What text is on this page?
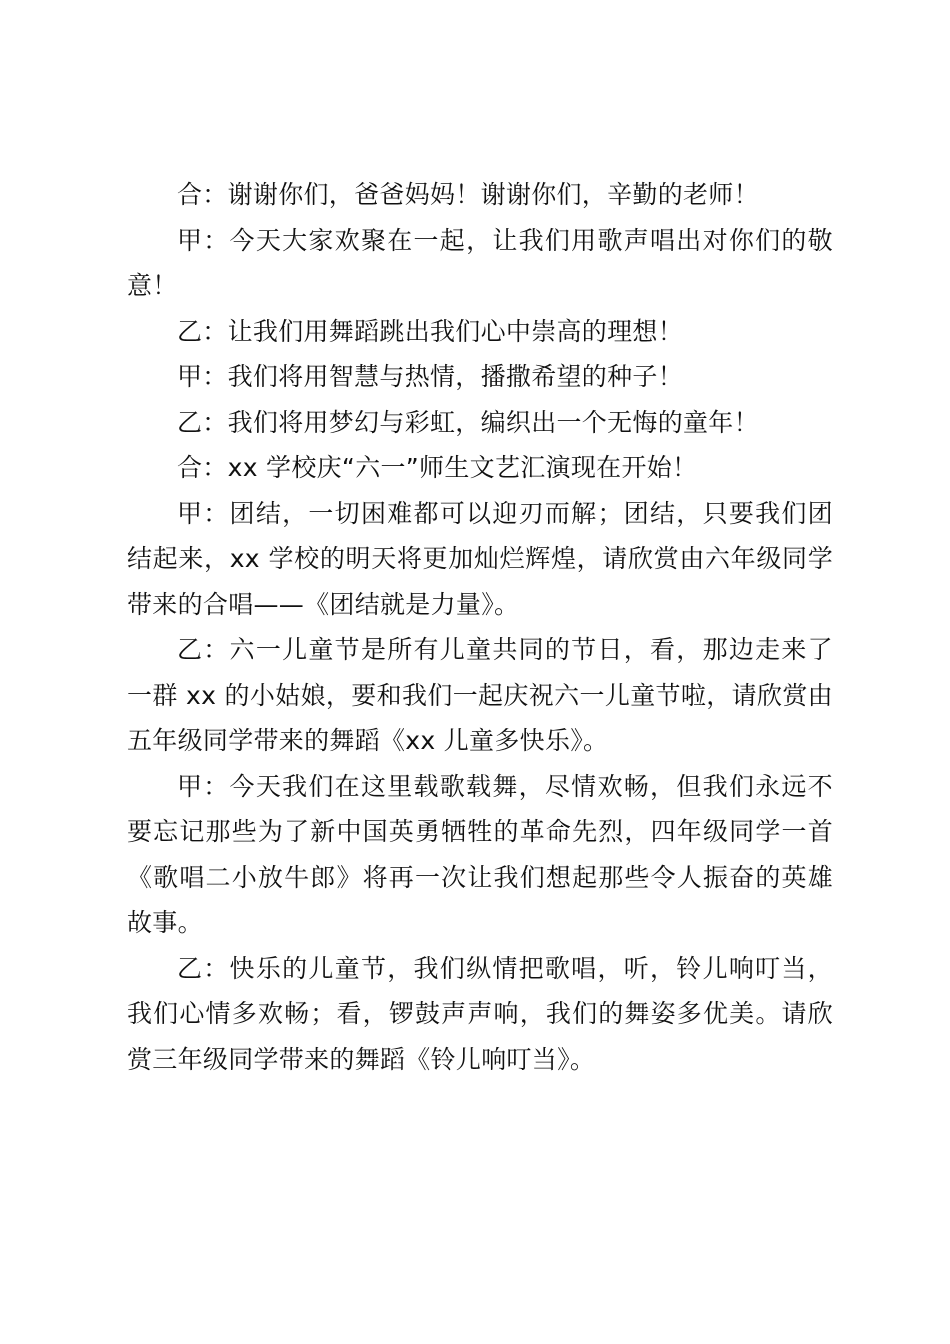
合：谢谢你们，爸爸妈妈！谢谢你们，辛勤的老师！

甲：今天大家欢聚在一起，让我们用歌声唱出对你们的敬意！

乙：让我们用舞蹈跳出我们心中崇高的理想！

甲：我们将用智慧与热情，播撒希望的种子！

乙：我们将用梦幻与彩虹，编织出一个无悔的童年！

合：xx 学校庆“六一”师生文艺汇演现在开始！

甲：团结，一切困难都可以迎刃而解；团结，只要我们团结起来，xx 学校的明天将更加灿烂辉煌，请欣赏由六年级同学带来的合唱——《团结就是力量》。

乙：六一儿童节是所有儿童共同的节日，看，那边走来了一群 xx 的小姑娘，要和我们一起庆祝六一儿童节啦，请欣赏由五年级同学带来的舞蹈《xx 儿童多快乐》。

甲：今天我们在这里载歌载舞，尽情欢畅，但我们永远不要忘记那些为了新中国英勇牺牲的革命先烈，四年级同学一首《歌唱二小放牛郎》将再一次让我们想起那些令人振奋的英雄故事。

乙：快乐的儿童节，我们纵情把歌唱，听，铃儿响叮当，我们心情多欢畅；看，锣鼓声声响，我们的舞姿多优美。请欣赏三年级同学带来的舞蹈《铃儿响叮当》。
